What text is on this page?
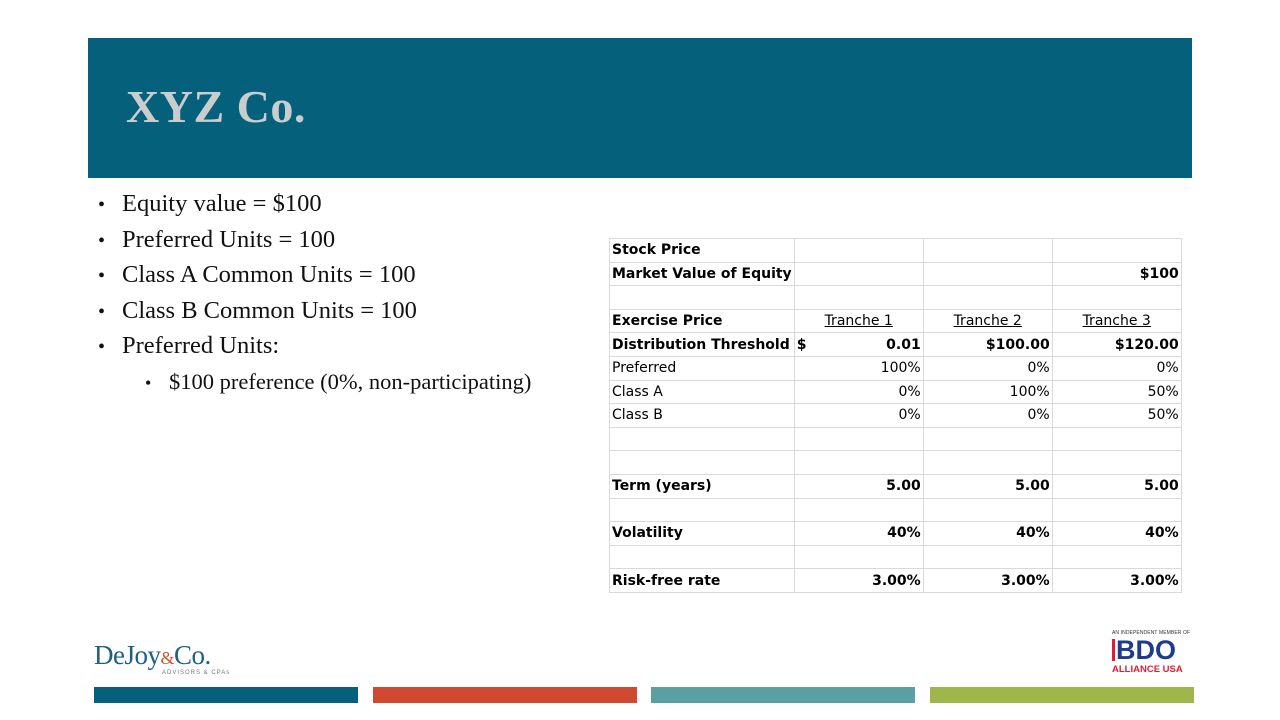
XYZ Co.
• Equity value = $100
• Preferred Units = 100
• Class A Common Units = 100
• Class B Common Units = 100
• Preferred Units:
• $100 preference (0%, non-participating)
Stock Price			
Market Value of Equity			$100

Exercise Price	Tranche 1	Tranche 2	Tranche 3
Distribution Threshold	$ 0.01	$100.00	$120.00
Preferred	100%	0%	0%
Class A	0%	100%	50%
Class B	0%	0%	50%

Term (years)	5.00	5.00	5.00

Volatility	40%	40%	40%

Risk-free rate	3.00%	3.00%	3.00%
DeJoy&Co.
ADVISORS & CPAs
AN INDEPENDENT MEMBER OF
BDO
ALLIANCE USA
